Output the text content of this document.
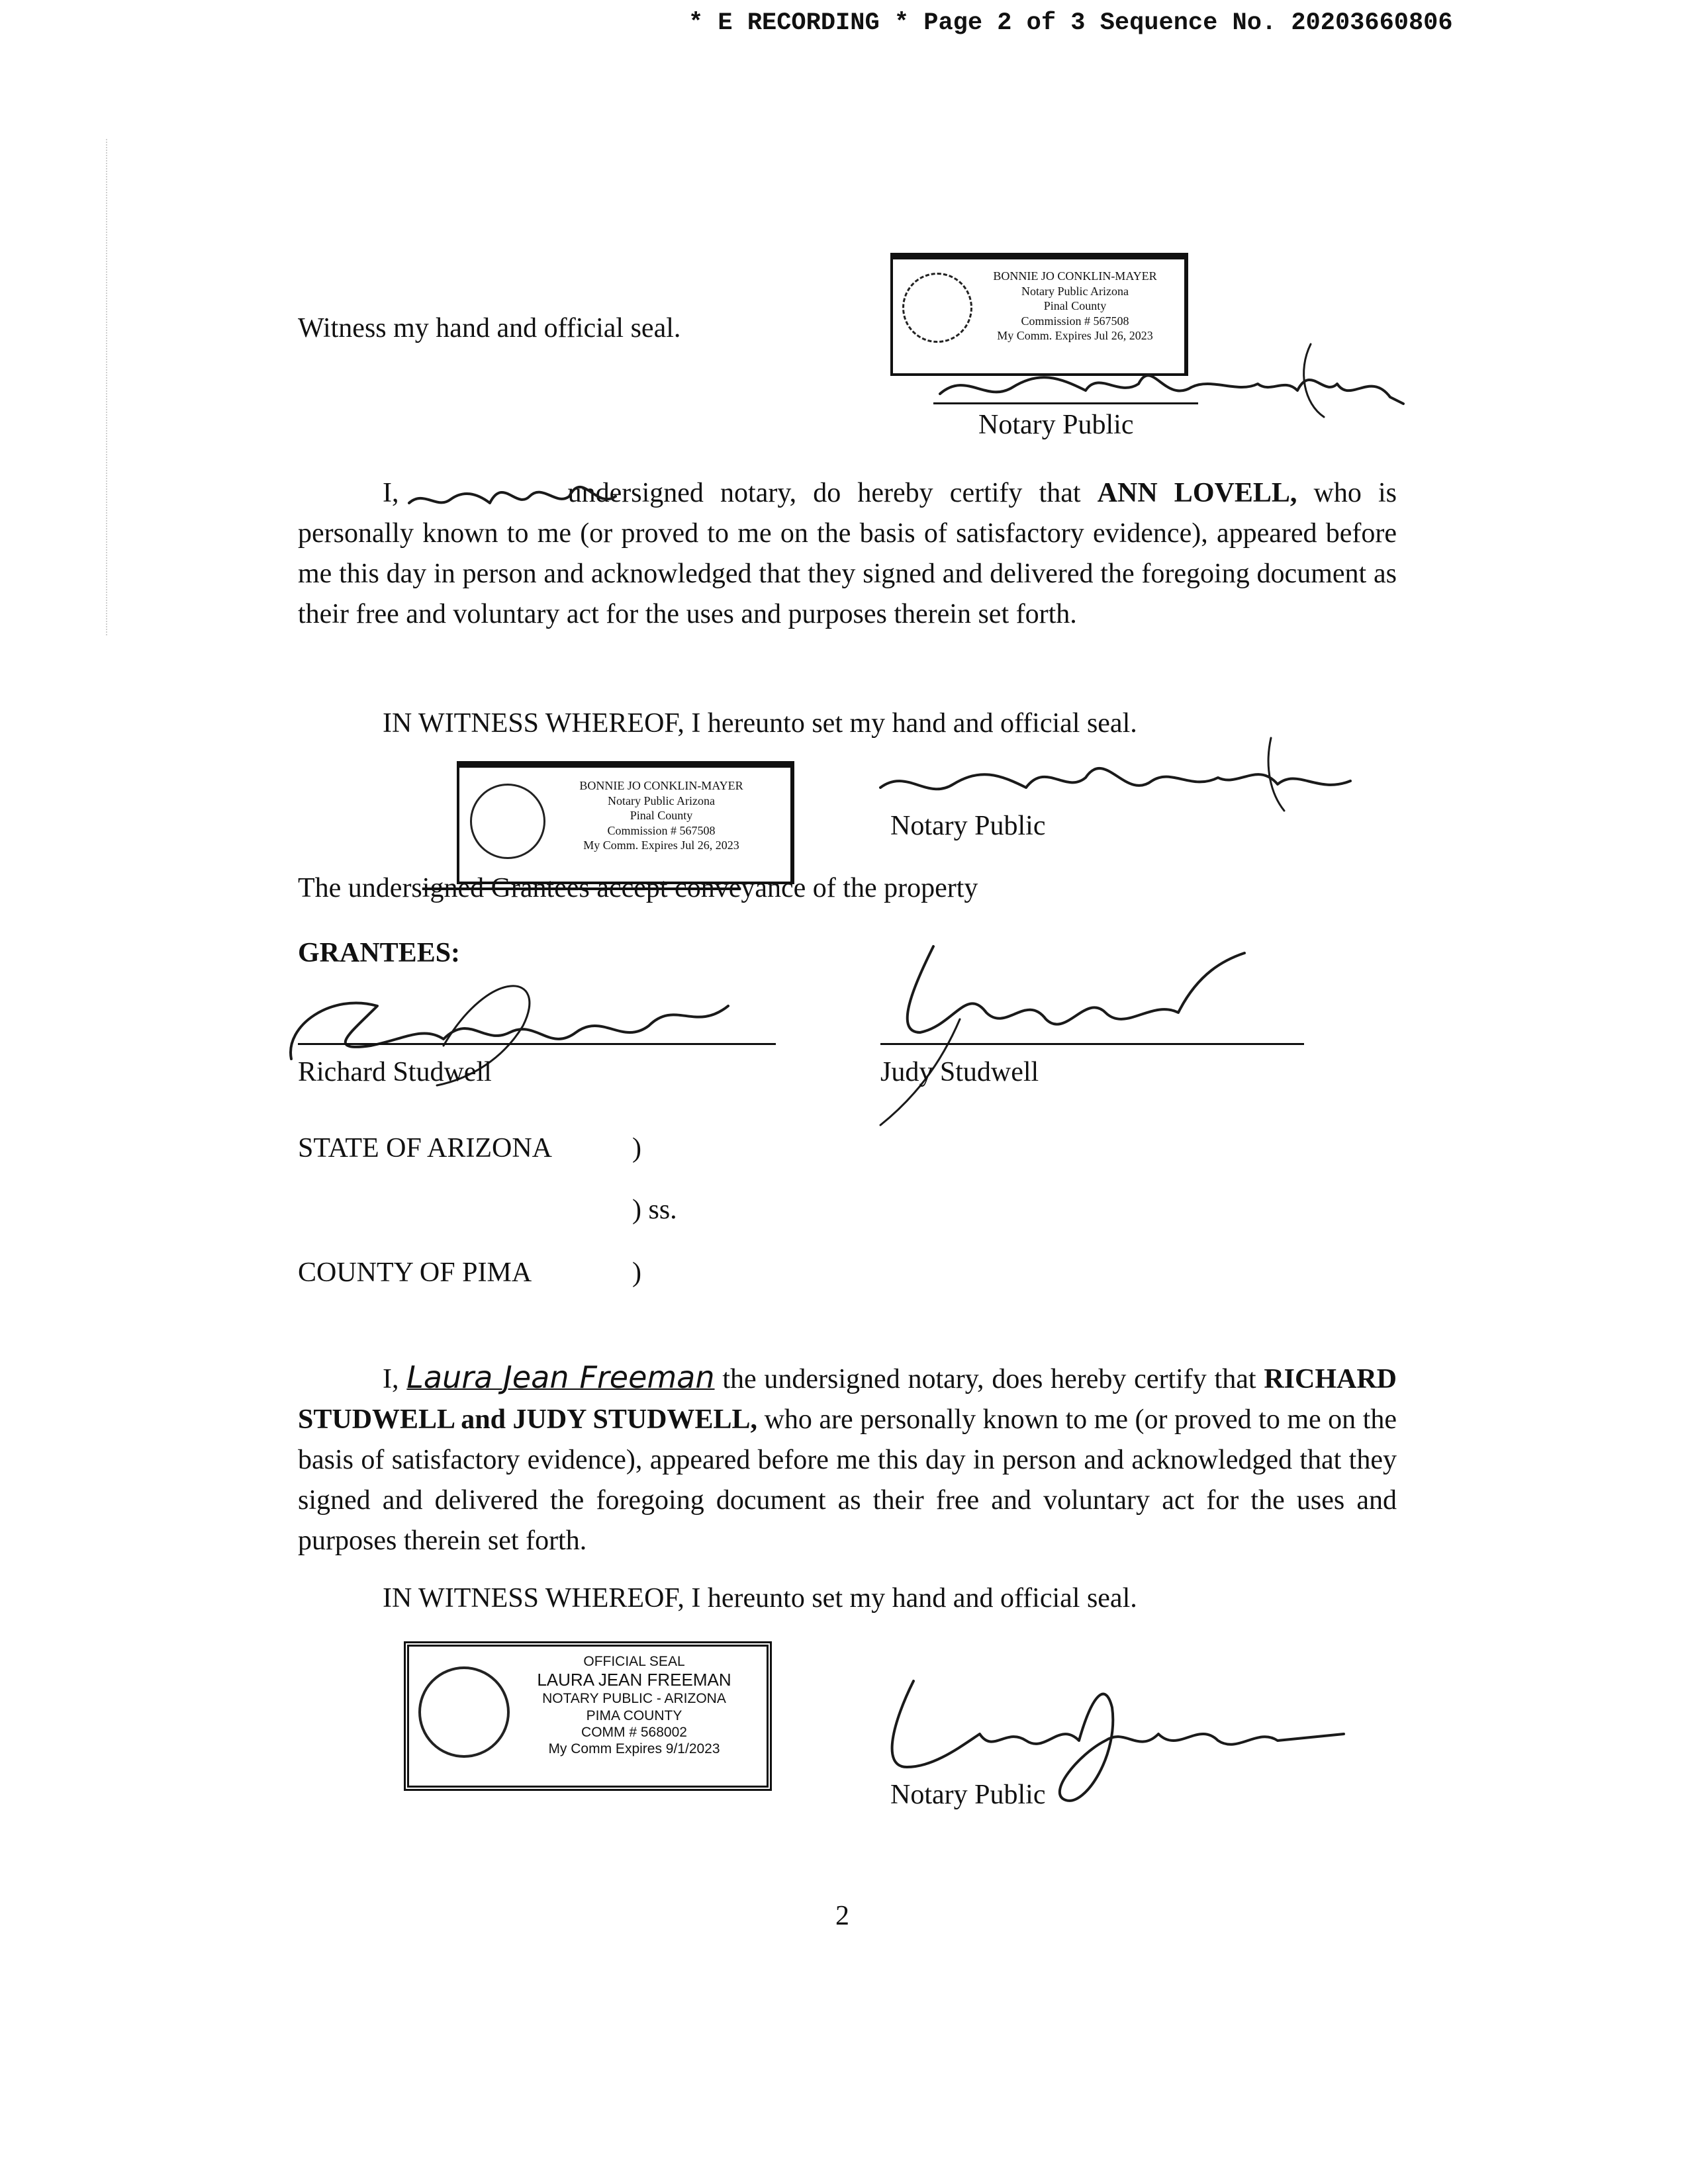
* E RECORDING * Page 2 of 3 Sequence No. 20203660806
Witness my hand and official seal.
BONNIE JO CONKLIN-MAYER
Notary Public Arizona
Pinal County
Commission # 567508
My Comm. Expires Jul 26, 2023
Notary Public
I,	undersigned notary, do hereby certify that ANN LOVELL, who is personally known to me (or proved to me on the basis of satisfactory evidence), appeared before me this day in person and acknowledged that they signed and delivered the foregoing document as their free and voluntary act for the uses and purposes therein set forth.
IN WITNESS WHEREOF, I hereunto set my hand and official seal.
BONNIE JO CONKLIN-MAYER
Notary Public Arizona
Pinal County
Commission # 567508
My Comm. Expires Jul 26, 2023
Notary Public
The undersigned Grantees accept conveyance of the property
GRANTEES:
Richard Studwell	Judy Studwell
STATE OF ARIZONA	)
) ss.
COUNTY OF PIMA	)
I, Laura Jean Freeman the undersigned notary, does hereby certify that RICHARD STUDWELL and JUDY STUDWELL, who are personally known to me (or proved to me on the basis of satisfactory evidence), appeared before me this day in person and acknowledged that they signed and delivered the foregoing document as their free and voluntary act for the uses and purposes therein set forth.
IN WITNESS WHEREOF, I hereunto set my hand and official seal.
OFFICIAL SEAL
LAURA JEAN FREEMAN
NOTARY PUBLIC - ARIZONA
PIMA COUNTY
COMM # 568002
My Comm Expires 9/1/2023
Notary Public
2
